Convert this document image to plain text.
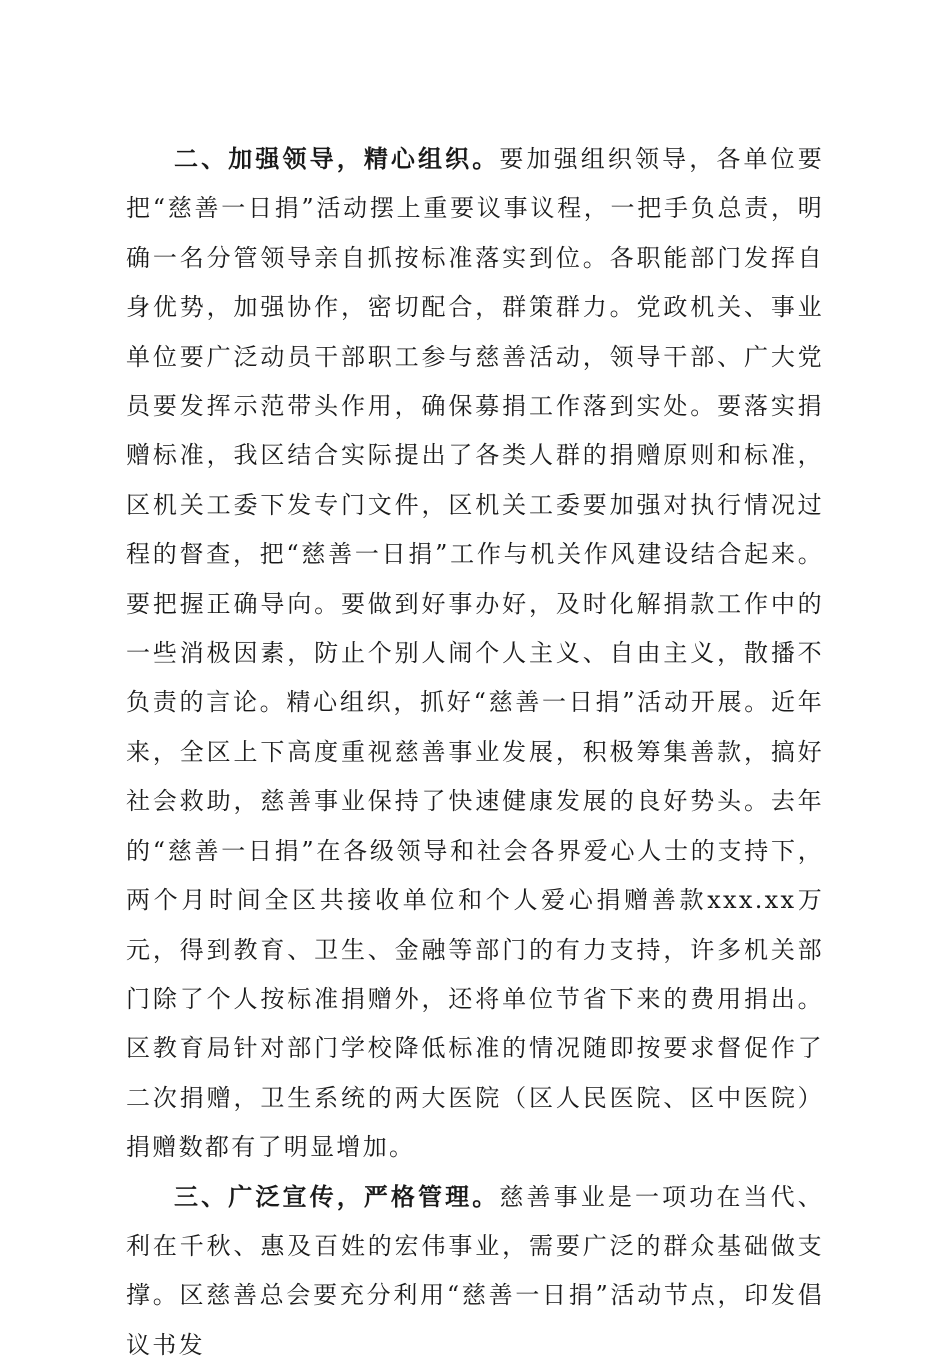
二、加强领导，精心组织。要加强组织领导，各单位要把“慈善一日捐”活动摆上重要议事议程，一把手负总责，明确一名分管领导亲自抓按标准落实到位。各职能部门发挥自身优势，加强协作，密切配合，群策群力。党政机关、事业单位要广泛动员干部职工参与慈善活动，领导干部、广大党员要发挥示范带头作用，确保募捐工作落到实处。要落实捐赠标准，我区结合实际提出了各类人群的捐赠原则和标准，区机关工委下发专门文件，区机关工委要加强对执行情况过程的督查，把“慈善一日捐”工作与机关作风建设结合起来。要把握正确导向。要做到好事办好，及时化解捐款工作中的一些消极因素，防止个别人闹个人主义、自由主义，散播不负责的言论。精心组织，抓好“慈善一日捐”活动开展。近年来，全区上下高度重视慈善事业发展，积极筹集善款，搞好社会救助，慈善事业保持了快速健康发展的良好势头。去年的“慈善一日捐”在各级领导和社会各界爱心人士的支持下，两个月时间全区共接收单位和个人爱心捐赠善款xxx.xx万元，得到教育、卫生、金融等部门的有力支持，许多机关部门除了个人按标准捐赠外，还将单位节省下来的费用捐出。区教育局针对部门学校降低标准的情况随即按要求督促作了二次捐赠，卫生系统的两大医院（区人民医院、区中医院）捐赠数都有了明显增加。

三、广泛宣传，严格管理。慈善事业是一项功在当代、利在千秋、惠及百姓的宏伟事业，需要广泛的群众基础做支撑。区慈善总会要充分利用“慈善一日捐”活动节点，印发倡议书发
